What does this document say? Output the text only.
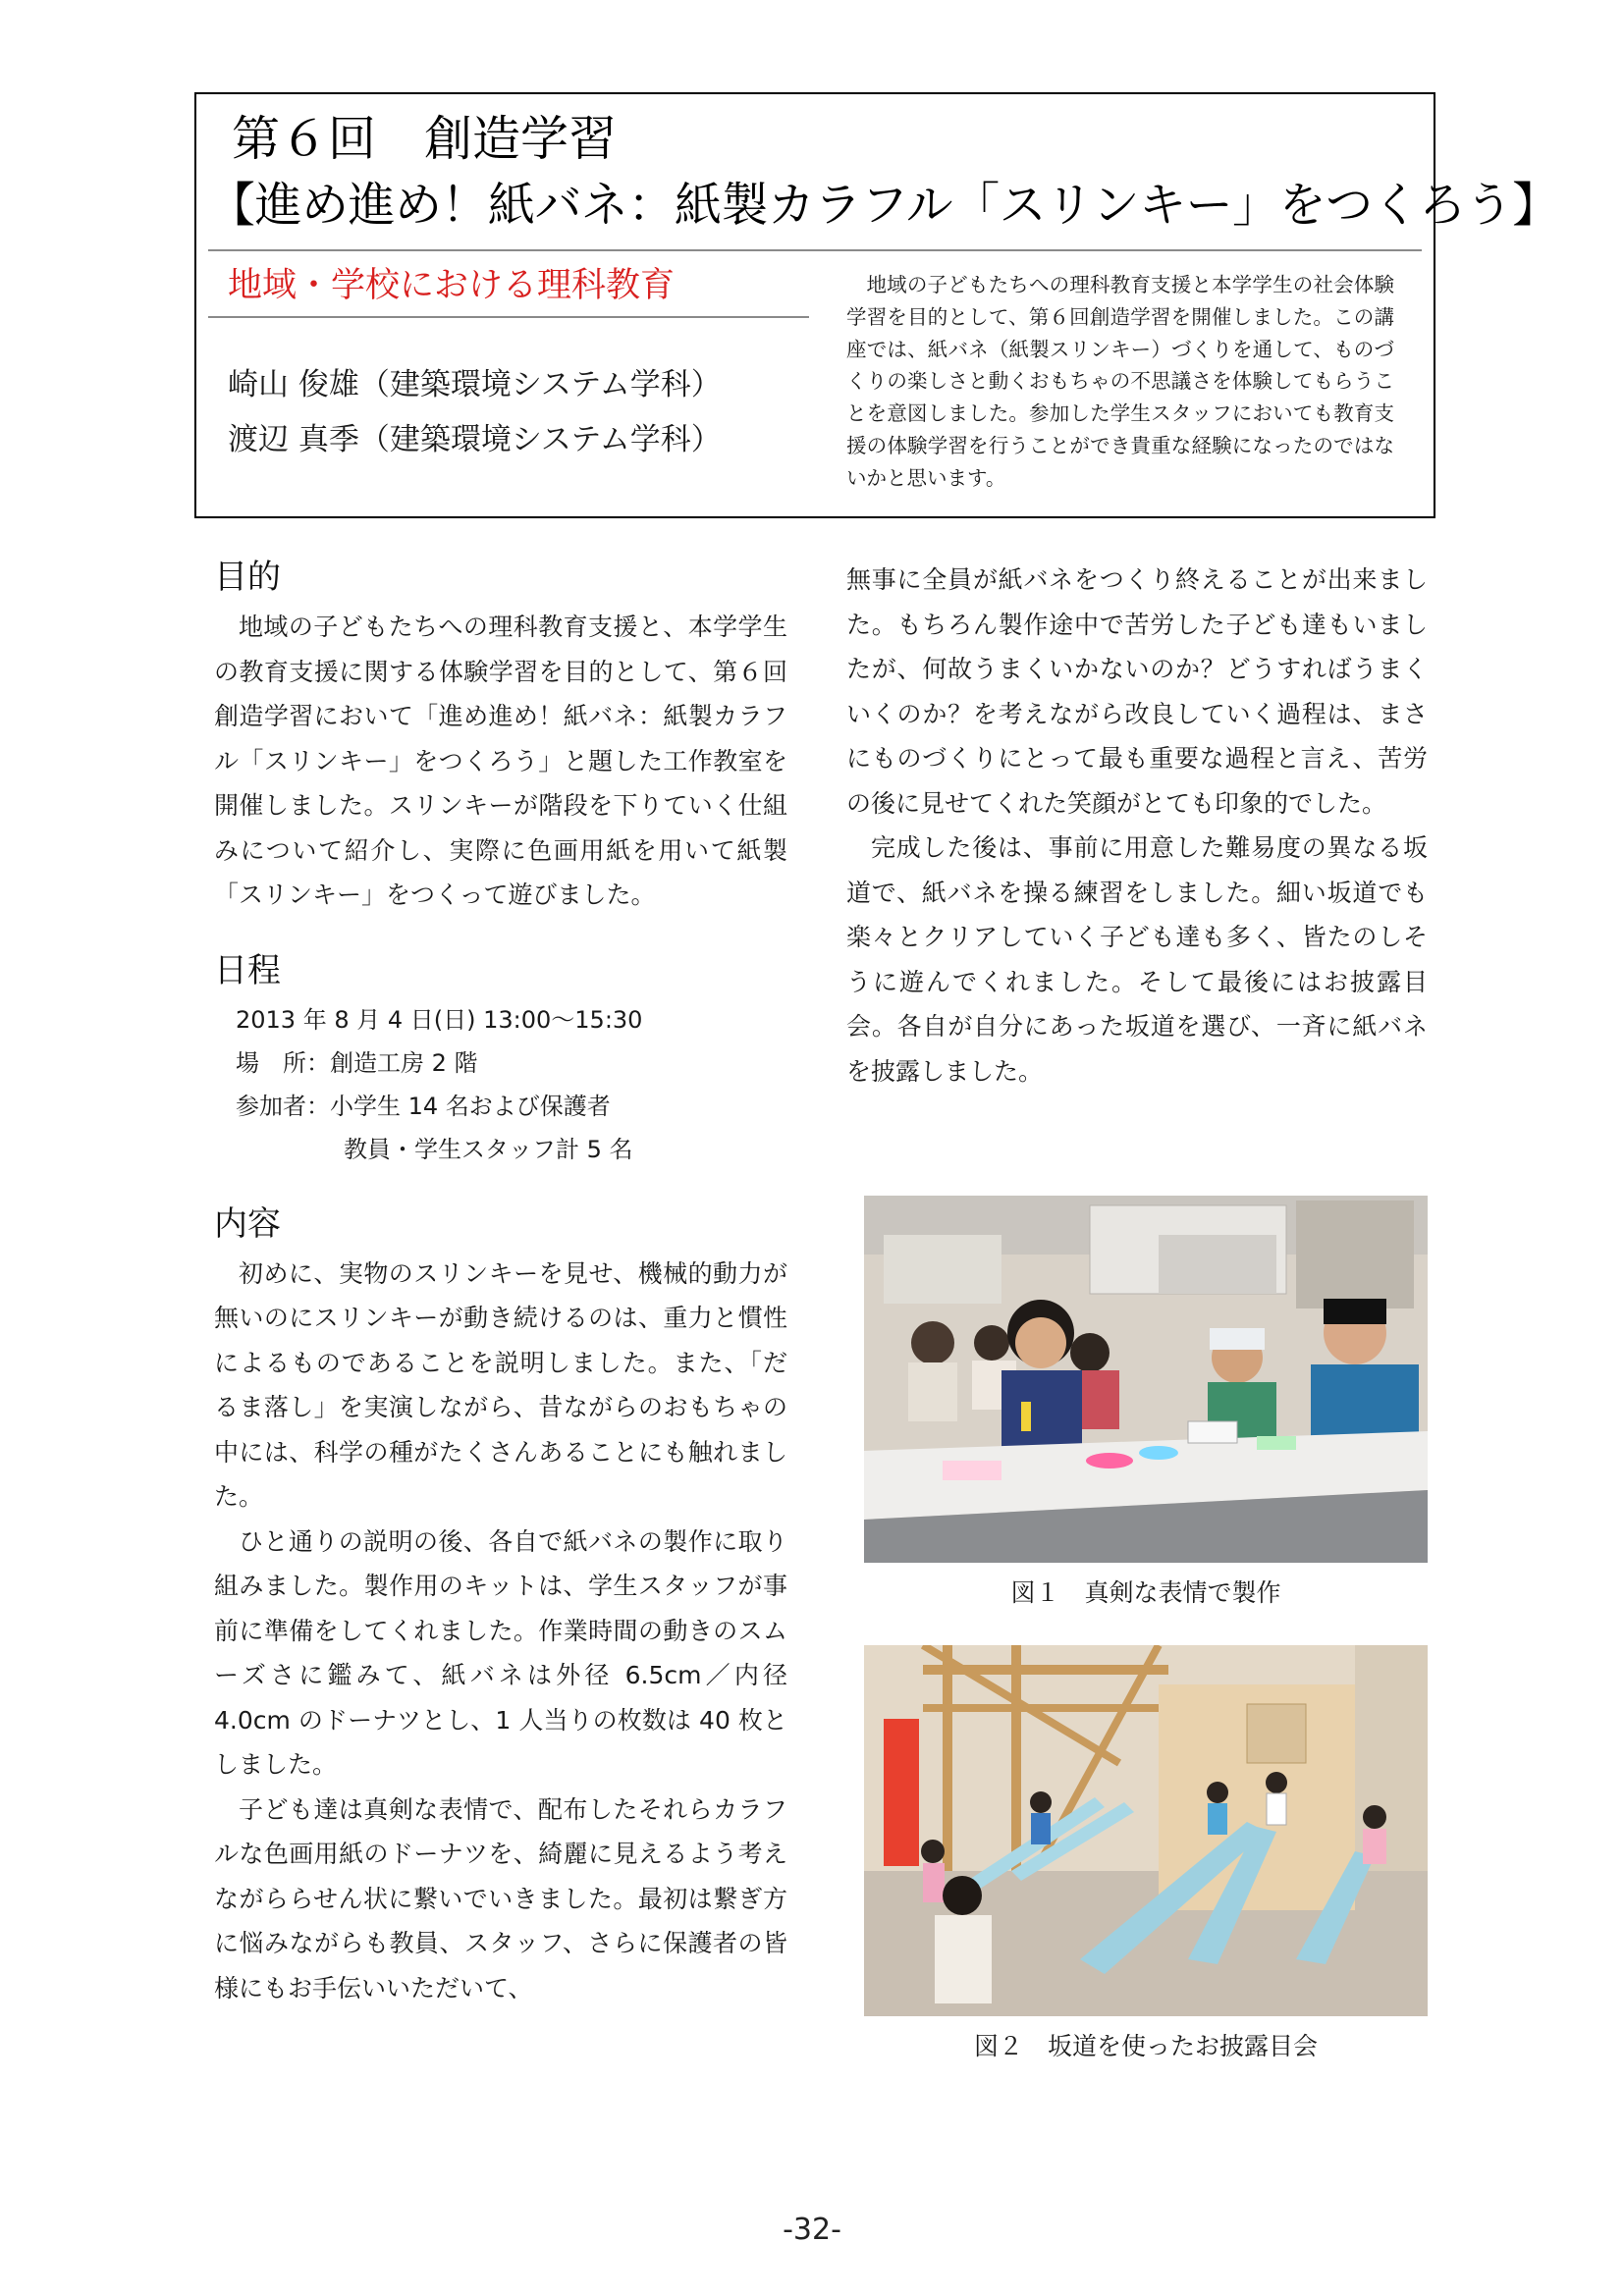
第６回　創造学習
【進め進め！紙バネ：紙製カラフル「スリンキー」をつくろう】
地域・学校における理科教育
崎山 俊雄（建築環境システム学科）
渡辺 真季（建築環境システム学科）

地域の子どもたちへの理科教育支援と本学学生の社会体験学習を目的として、第６回創造学習を開催しました。この講座では、紙バネ（紙製スリンキー）づくりを通して、ものづくりの楽しさと動くおもちゃの不思議さを体験してもらうことを意図しました。参加した学生スタッフにおいても教育支援の体験学習を行うことができ貴重な経験になったのではないかと思います。

目的

地域の子どもたちへの理科教育支援と、本学学生の教育支援に関する体験学習を目的として、第６回創造学習において「進め進め！紙バネ：紙製カラフル「スリンキー」をつくろう」と題した工作教室を開催しました。スリンキーが階段を下りていく仕組みについて紹介し、実際に色画用紙を用いて紙製「スリンキー」をつくって遊びました。

日程
2013 年 8 月 4 日(日) 13:00〜15:30
場　所：創造工房 2 階
参加者：小学生 14 名および保護者
教員・学生スタッフ計 5 名
内容

初めに、実物のスリンキーを見せ、機械的動力が無いのにスリンキーが動き続けるのは、重力と慣性によるものであることを説明しました。また、「だるま落し」を実演しながら、昔ながらのおもちゃの中には、科学の種がたくさんあることにも触れました。

ひと通りの説明の後、各自で紙バネの製作に取り組みました。製作用のキットは、学生スタッフが事前に準備をしてくれました。作業時間の動きのスムーズさに鑑みて、紙バネは外径 6.5cm／内径 4.0cm のドーナツとし、1 人当りの枚数は 40 枚としました。

子ども達は真剣な表情で、配布したそれらカラフルな色画用紙のドーナツを、綺麗に見えるよう考えながららせん状に繋いでいきました。最初は繋ぎ方に悩みながらも教員、スタッフ、さらに保護者の皆様にもお手伝いいただいて、

無事に全員が紙バネをつくり終えることが出来ました。もちろん製作途中で苦労した子ども達もいましたが、何故うまくいかないのか？どうすればうまくいくのか？を考えながら改良していく過程は、まさにものづくりにとって最も重要な過程と言え、苦労の後に見せてくれた笑顔がとても印象的でした。

完成した後は、事前に用意した難易度の異なる坂道で、紙バネを操る練習をしました。細い坂道でも楽々とクリアしていく子ども達も多く、皆たのしそうに遊んでくれました。そして最後にはお披露目会。各自が自分にあった坂道を選び、一斉に紙バネを披露しました。

図１　真剣な表情で製作
図２　坂道を使ったお披露目会
-32-
